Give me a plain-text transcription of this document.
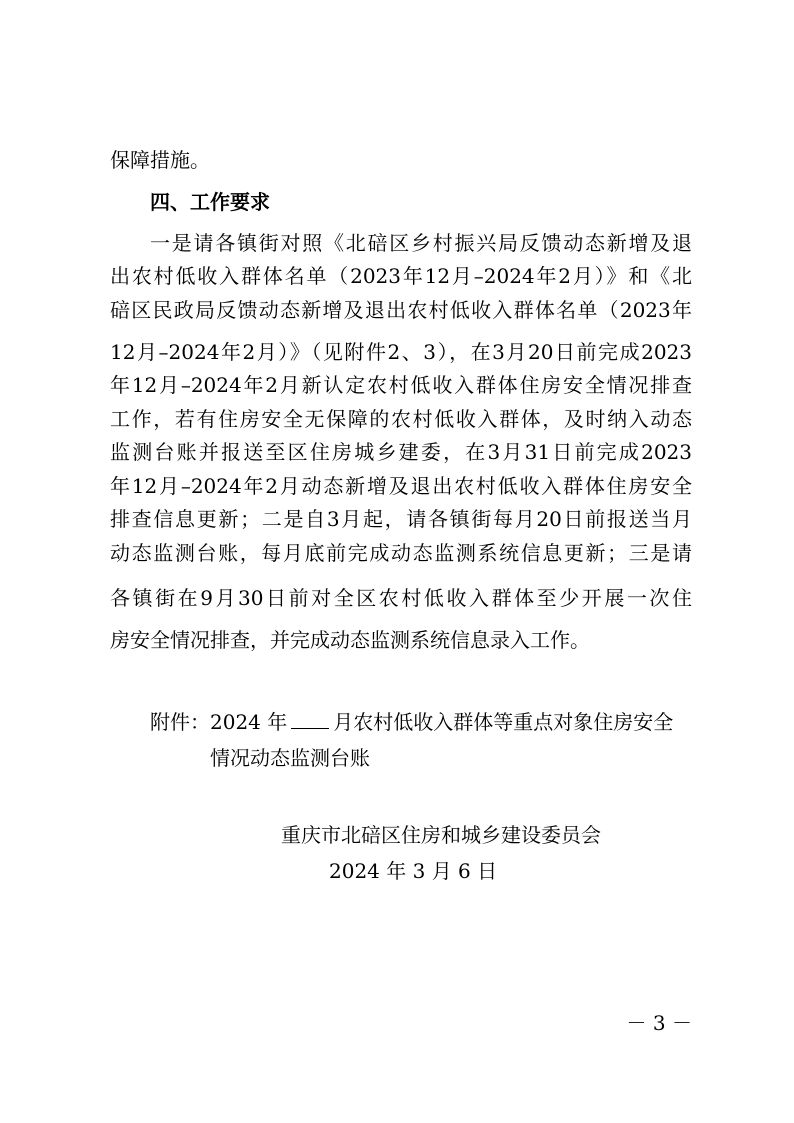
保障措施。
四、工作要求
一是请各镇街对照《北碚区乡村振兴局反馈动态新增及退
出农村低收入群体名单（2023年12月–2024年2月）》和《北
碚区民政局反馈动态新增及退出农村低收入群体名单（2023年
12月–2024年2月）》（见附件2、3），在3月20日前完成2023
年12月–2024年2月新认定农村低收入群体住房安全情况排查
工作，若有住房安全无保障的农村低收入群体，及时纳入动态
监测台账并报送至区住房城乡建委，在3月31日前完成2023
年12月–2024年2月动态新增及退出农村低收入群体住房安全
排查信息更新；二是自3月起，请各镇街每月20日前报送当月
动态监测台账，每月底前完成动态监测系统信息更新；三是请
各镇街在9月30日前对全区农村低收入群体至少开展一次住
房安全情况排查，并完成动态监测系统信息录入工作。
附件：2024 年 月农村低收入群体等重点对象住房安全
情况动态监测台账
重庆市北碚区住房和城乡建设委员会
2024 年 3 月 6 日
－ 3 －
